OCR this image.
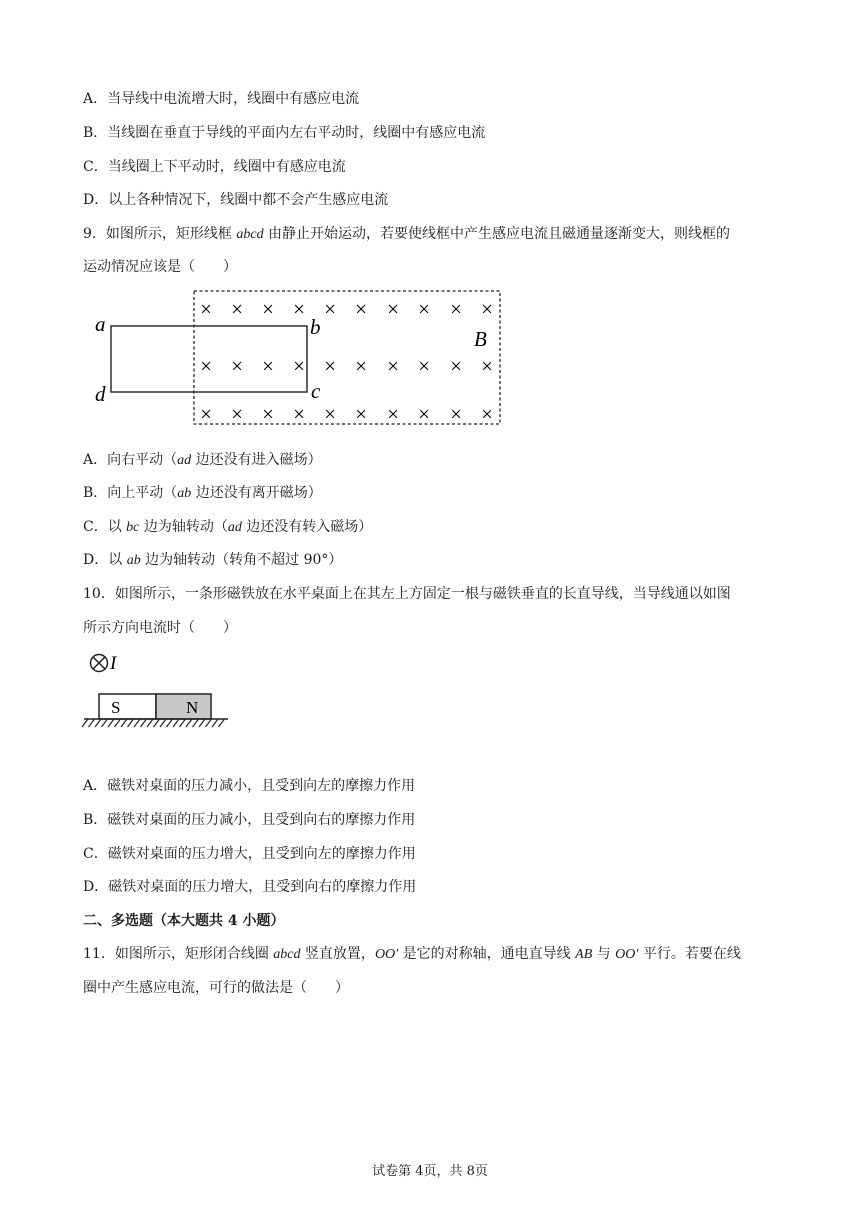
A．当导线中电流增大时，线圈中有感应电流
B．当线圈在垂直于导线的平面内左右平动时，线圈中有感应电流
C．当线圈上下平动时，线圈中有感应电流
D．以上各种情况下，线圈中都不会产生感应电流
9．如图所示，矩形线框 abcd 由静止开始运动，若要使线框中产生感应电流且磁通量逐渐变大，则线框的
运动情况应该是（　　）
× × × × × × × × × ×
× × × × × × × × × ×
× × × × × × × × × ×
a	b
c
d
B
A．向右平动（ad 边还没有进入磁场）
B．向上平动（ab 边还没有离开磁场）
C．以 bc 边为轴转动（ad 边还没有转入磁场）
D．以 ab 边为轴转动（转角不超过 90°）
10．如图所示，一条形磁铁放在水平桌面上在其左上方固定一根与磁铁垂直的长直导线，当导线通以如图
所示方向电流时（　　）
I
S	N
A．磁铁对桌面的压力减小，且受到向左的摩擦力作用
B．磁铁对桌面的压力减小，且受到向右的摩擦力作用
C．磁铁对桌面的压力增大，且受到向左的摩擦力作用
D．磁铁对桌面的压力增大，且受到向右的摩擦力作用
二、多选题（本大题共 4 小题）
11．如图所示，矩形闭合线圈 abcd 竖直放置，OO′ 是它的对称轴，通电直导线 AB 与 OO′ 平行。若要在线
圈中产生感应电流，可行的做法是（　　）
试卷第 4页，共 8页
